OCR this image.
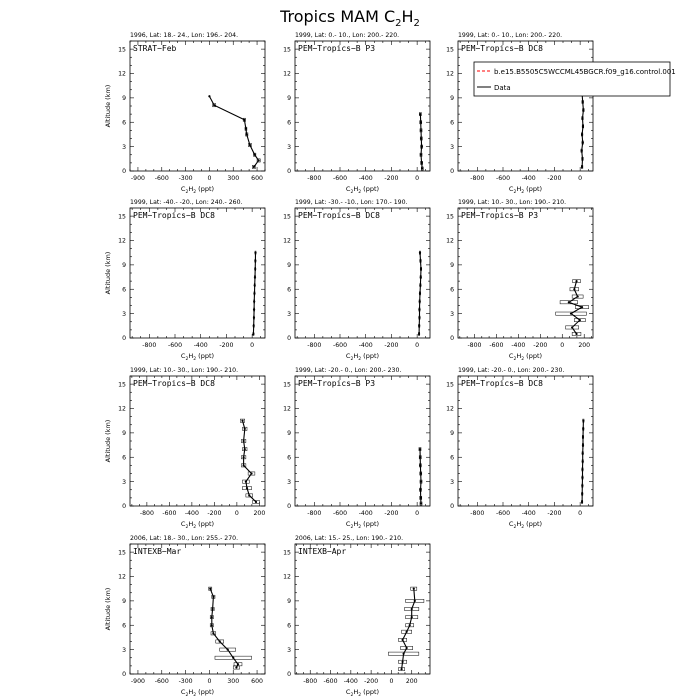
Tropics MAM $C_2H_2$
1996, Lat: 18.- 24., Lon: 196.- 204.
STRAT−Feb
-900 -600 -300 0	300 600
0
3
6
9
12
15
$C_2H_2$ (ppt)
Altitude (km)
1999, Lat: 0.- 10., Lon: 200.- 220.
PEM−Tropics−B P3
-800 -600 -400 -200	0
0
3
6
9
12
15
$C_2H_2$ (ppt)
1999, Lat: 0.- 10., Lon: 200.- 220.
PEM−Tropics−B DC8
-800 -600 -400 -200	0
0
3
6
9
12
15
$C_2H_2$ (ppt)
1999, Lat: -40.- -20., Lon: 240.- 260.
PEM−Tropics−B DC8
-800 -600 -400 -200	0
0
3
6
9
12
15
$C_2H_2$ (ppt)
Altitude (km)
1999, Lat: -30.- -10., Lon: 170.- 190.
PEM−Tropics−B DC8
-800 -600 -400 -200	0
0
3
6
9
12
15
$C_2H_2$ (ppt)
1999, Lat: 10.- 30., Lon: 190.- 210.
PEM−Tropics−B P3
-800 -600 -400 -200 0 200
0
3
6
9
12
15
$C_2H_2$ (ppt)
1999, Lat: 10.- 30., Lon: 190.- 210.
PEM−Tropics−B DC8
-800 -600 -400 -200 0 200
0
3
6
9
12
15
$C_2H_2$ (ppt)
Altitude (km)
1999, Lat: -20.- 0., Lon: 200.- 230.
PEM−Tropics−B P3
-800 -600 -400 -200	0
0
3
6
9
12
15
$C_2H_2$ (ppt)
1999, Lat: -20.- 0., Lon: 200.- 230.
PEM−Tropics−B DC8
-800 -600 -400 -200	0
0
3
6
9
12
15
$C_2H_2$ (ppt)
2006, Lat: 18.- 30., Lon: 255.- 270.
INTEXB−Mar
-900 -600 -300 0	300 600
0
3
6
9
12
15
$C_2H_2$ (ppt)
Altitude (km)
2006, Lat: 15.- 25., Lon: 190.- 210.
INTEXB−Apr
-800 -600 -400 -200 0 200
0
3
6
9
12
15
$C_2H_2$ (ppt)
b.e15.B5505C5WCCML45BGCR.f09_g16.control.001
Data
